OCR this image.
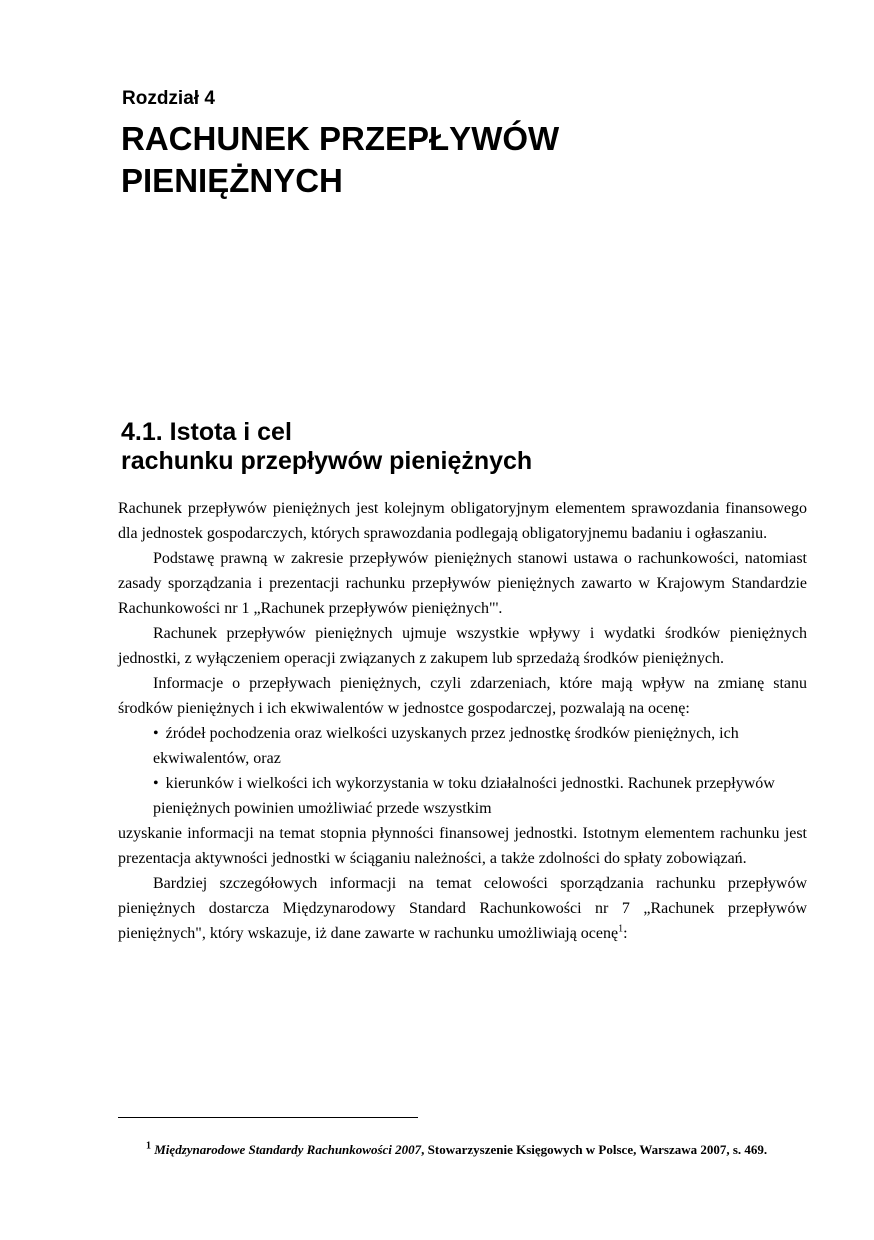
Rozdział 4
RACHUNEK PRZEPŁYWÓW
PIENIĘŻNYCH
4.1. Istota i cel
rachunku przepływów pieniężnych

Rachunek przepływów pieniężnych jest kolejnym obligatoryjnym elementem sprawozdania finansowego dla jednostek gospodarczych, których sprawozdania podlegają obligatoryjnemu badaniu i ogłaszaniu.

Podstawę prawną w zakresie przepływów pieniężnych stanowi ustawa o rachunkowości, natomiast zasady sporządzania i prezentacji rachunku przepływów pieniężnych zawarto w Krajowym Standardzie Rachunkowości nr 1 „Rachunek przepływów pieniężnych"'.

Rachunek przepływów pieniężnych ujmuje wszystkie wpływy i wydatki środków pieniężnych jednostki, z wyłączeniem operacji związanych z zakupem lub sprzedażą środków pieniężnych.

Informacje o przepływach pieniężnych, czyli zdarzeniach, które mają wpływ na zmianę stanu środków pieniężnych i ich ekwiwalentów w jednostce gospodarczej, pozwalają na ocenę:

• źródeł pochodzenia oraz wielkości uzyskanych przez jednostkę środków pieniężnych, ich ekwiwalentów, oraz
• kierunków i wielkości ich wykorzystania w toku działalności jednostki. Rachunek przepływów pieniężnych powinien umożliwiać przede wszystkim

uzyskanie informacji na temat stopnia płynności finansowej jednostki. Istotnym elementem rachunku jest prezentacja aktywności jednostki w ściąganiu należności, a także zdolności do spłaty zobowiązań.

Bardziej szczegółowych informacji na temat celowości sporządzania rachunku przepływów pieniężnych dostarcza Międzynarodowy Standard Rachunkowości nr 7 „Rachunek przepływów pieniężnych", który wskazuje, iż dane zawarte w rachunku umożliwiają ocenę$^1$:

$^1$ Międzynarodowe Standardy Rachunkowości 2007, Stowarzyszenie Księgowych w Polsce, Warszawa 2007, s. 469.
